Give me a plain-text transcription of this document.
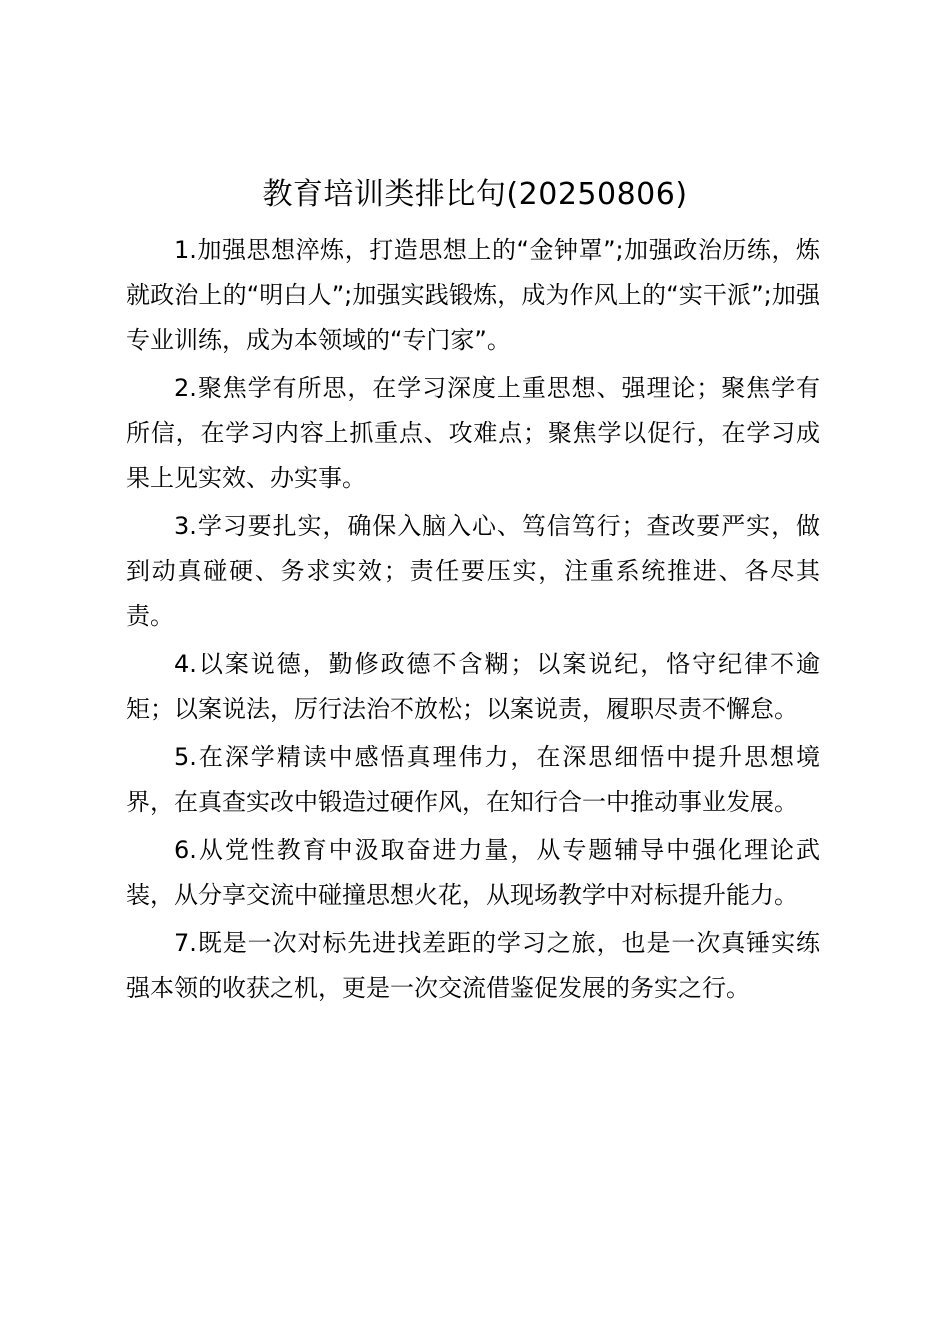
教育培训类排比句(20250806)

1.加强思想淬炼，打造思想上的“金钟罩”;加强政治历练，炼就政治上的“明白人”;加强实践锻炼，成为作风上的“实干派”;加强专业训练，成为本领域的“专门家”。

2.聚焦学有所思，在学习深度上重思想、强理论；聚焦学有所信，在学习内容上抓重点、攻难点；聚焦学以促行，在学习成果上见实效、办实事。

3.学习要扎实，确保入脑入心、笃信笃行；查改要严实，做到动真碰硬、务求实效；责任要压实，注重系统推进、各尽其责。

4.以案说德，勤修政德不含糊；以案说纪，恪守纪律不逾矩；以案说法，厉行法治不放松；以案说责，履职尽责不懈怠。

5.在深学精读中感悟真理伟力，在深思细悟中提升思想境界，在真查实改中锻造过硬作风，在知行合一中推动事业发展。

6.从党性教育中汲取奋进力量，从专题辅导中强化理论武装，从分享交流中碰撞思想火花，从现场教学中对标提升能力。

7.既是一次对标先进找差距的学习之旅，也是一次真锤实练强本领的收获之机，更是一次交流借鉴促发展的务实之行。
